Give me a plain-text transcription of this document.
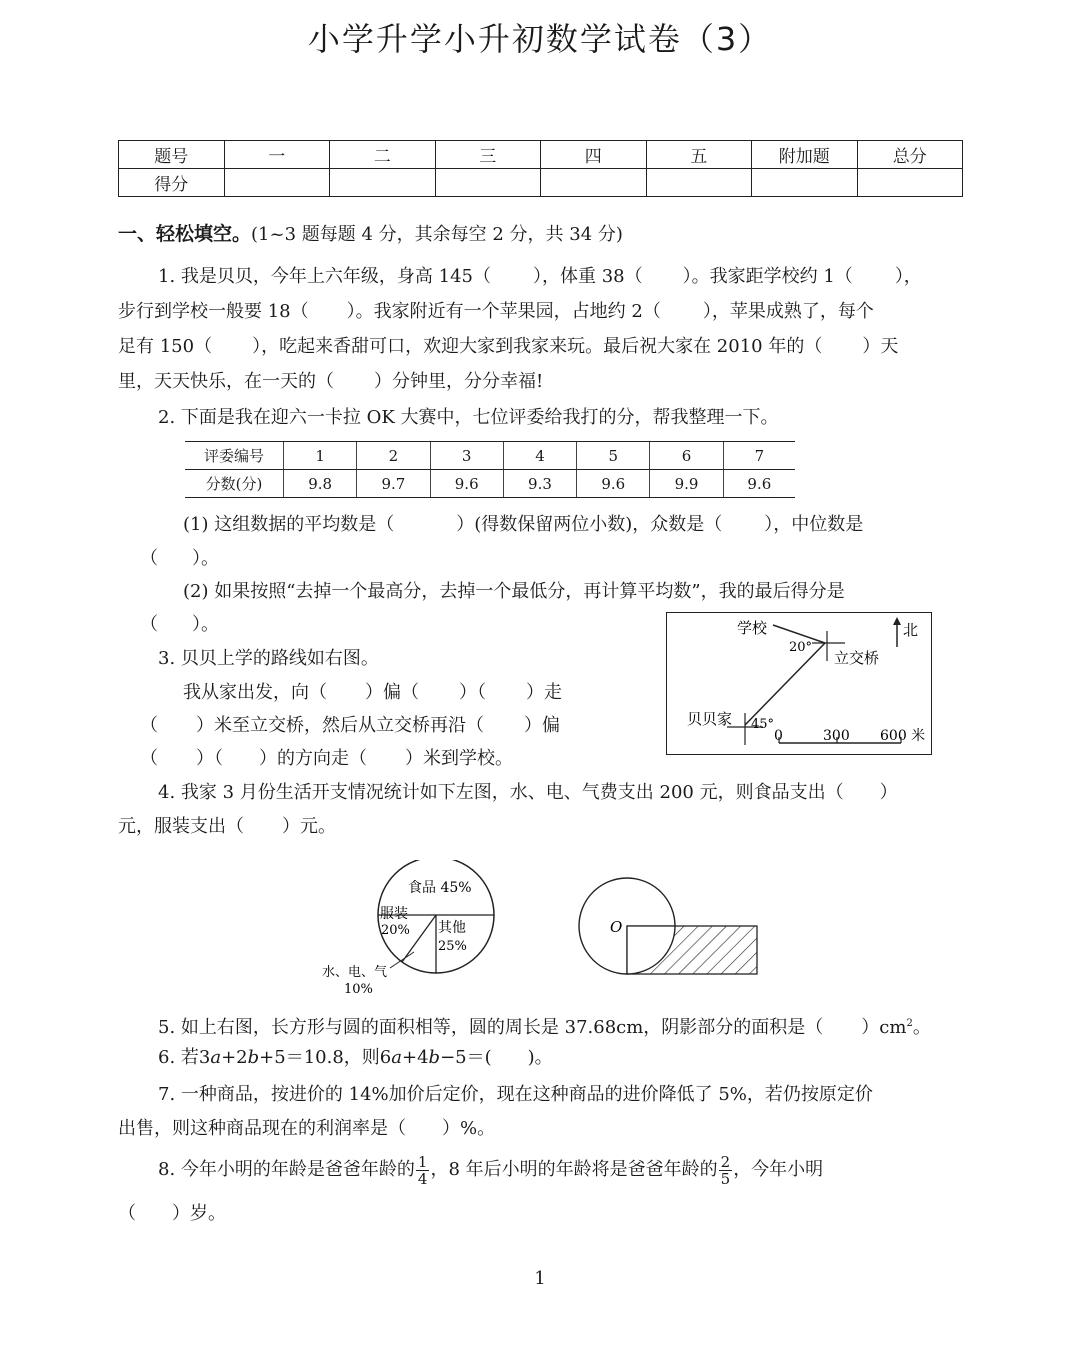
小学升学小升初数学试卷（3）
题号	一	二	三	四	五	附加题	总分
得分							
一、轻松填空。(1~3 题每题 4 分，其余每空 2 分，共 34 分)
1. 我是贝贝，今年上六年级，身高 145（ ），体重 38（ ）。我家距学校约 1（ ），
步行到学校一般要 18（ ）。我家附近有一个苹果园，占地约 2（ ），苹果成熟了，每个
足有 150（ ），吃起来香甜可口，欢迎大家到我家来玩。最后祝大家在 2010 年的（ ）天
里，天天快乐，在一天的（ ）分钟里，分分幸福!
2. 下面是我在迎六一卡拉 OK 大赛中，七位评委给我打的分，帮我整理一下。
评委编号	1	2	3	4	5	6	7
分数(分)	9.8	9.7	9.6	9.3	9.6	9.9	9.6
(1) 这组数据的平均数是（	）(得数保留两位小数)，众数是（ ），中位数是
（ ）。
(2) 如果按照“去掉一个最高分，去掉一个最低分，再计算平均数”，我的最后得分是
（ ）。
3. 贝贝上学的路线如右图。
我从家出发，向（ ）偏（ ）（ ）走
（ ）米至立交桥，然后从立交桥再沿（ ）偏
（ ）（ ）的方向走（ ）米到学校。
学校
20°
立交桥
北
贝贝家 45°
0	300 600 米
4. 我家 3 月份生活开支情况统计如下左图，水、电、气费支出 200 元，则食品支出（ ）
元，服装支出（ ）元。
食品 45%
服装
20% 其他
25%
水、电、气
10%
O
5. 如上右图，长方形与圆的面积相等，圆的周长是 37.68cm，阴影部分的面积是（ ）$cm^2$。
6. 若3a+2b+5＝10.8，则6a+4b−5＝( )。
7. 一种商品，按进价的 14%加价后定价，现在这种商品的进价降低了 5%，若仍按原定价
出售，则这种商品现在的利润率是（ ）%。
8. 今年小明的年龄是爸爸年龄的 $\frac{1}{4}$ ，8 年后小明的年龄将是爸爸年龄的 $\frac{2}{5}$ ，今年小明
（ ）岁。
1
